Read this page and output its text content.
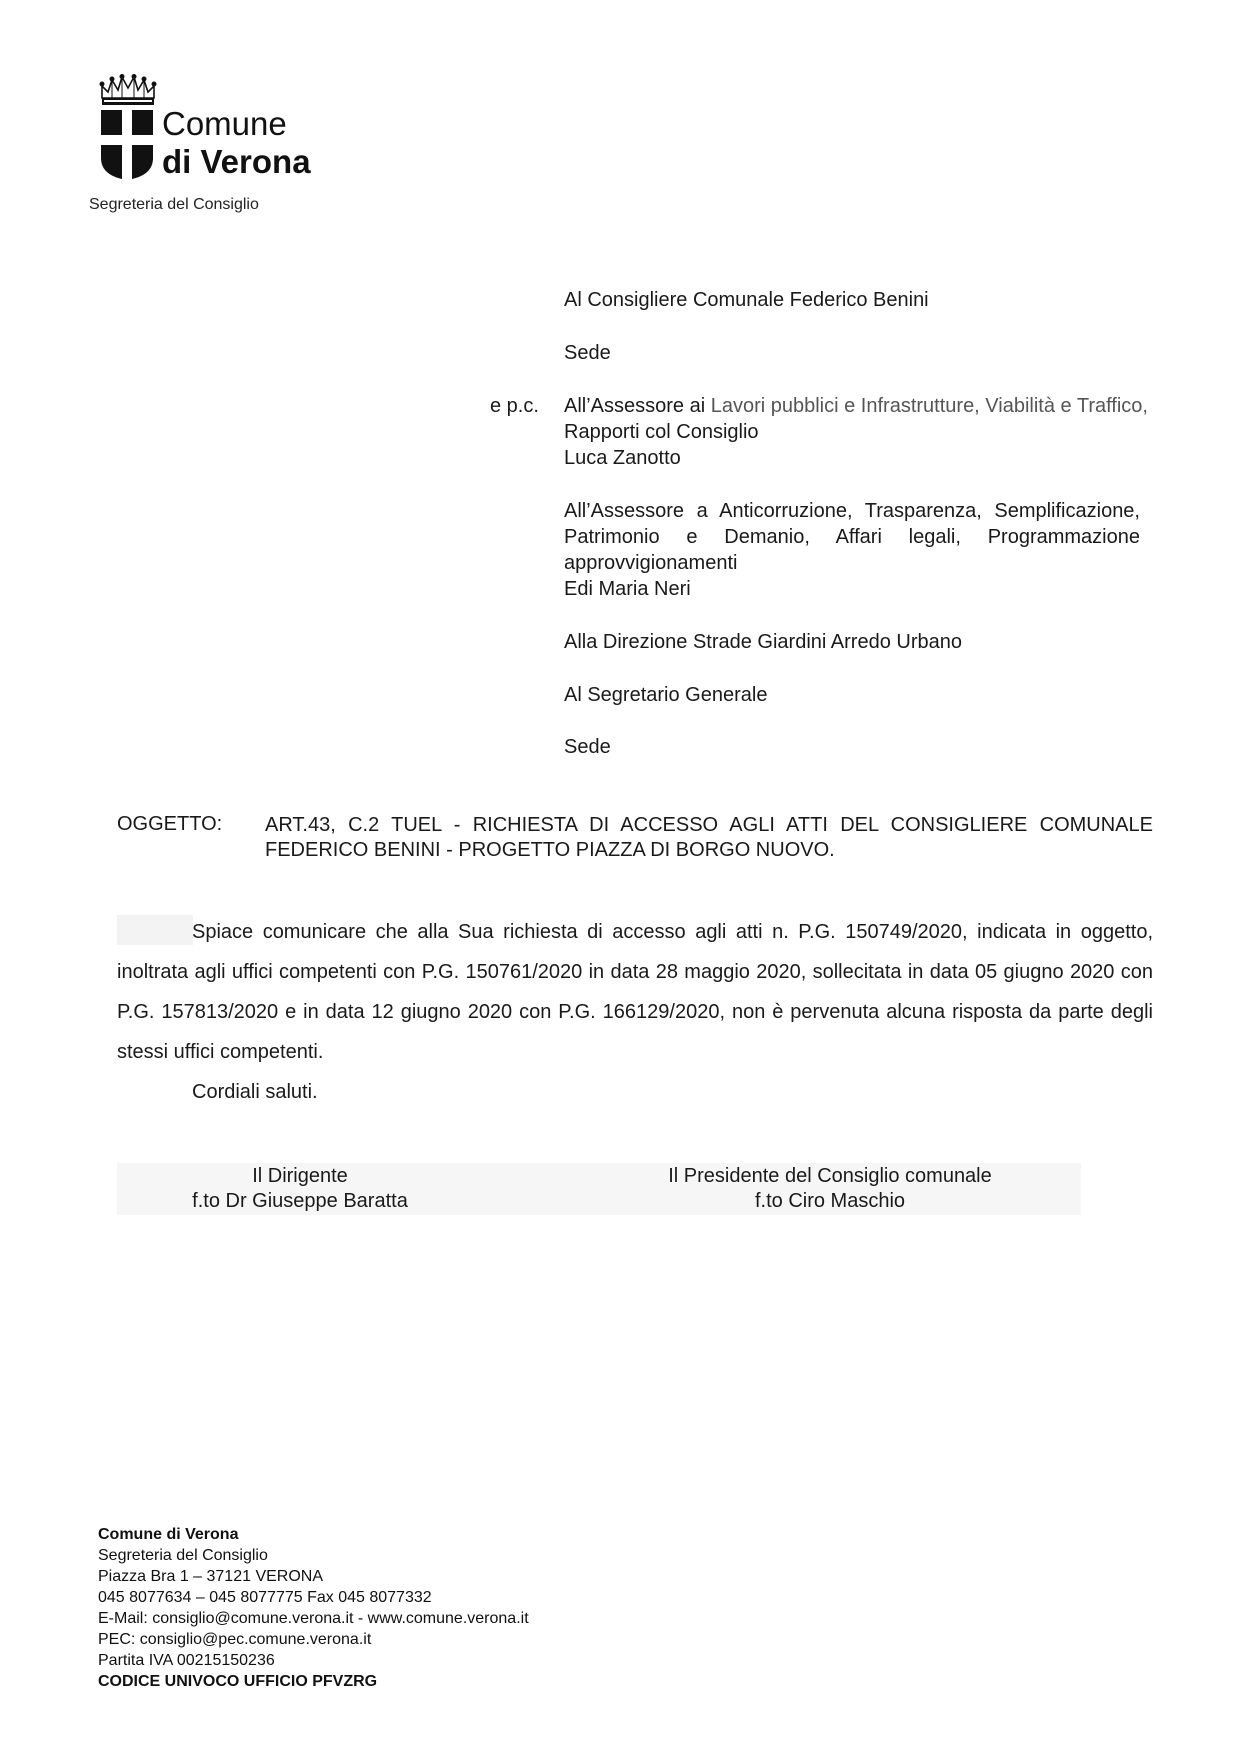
Comune
di Verona
Segreteria del Consiglio
Al Consigliere Comunale Federico Benini
Sede
e p.c. All’Assessore ai Lavori pubblici e Infrastrutture, Viabilità e Traffico, Rapporti col Consiglio
Luca Zanotto
All’Assessore a Anticorruzione, Trasparenza, Semplificazione, Patrimonio e Demanio, Affari legali, Programmazione approvvigionamenti
Edi Maria Neri
Alla Direzione Strade Giardini Arredo Urbano
Al Segretario Generale
Sede
OGGETTO: ART.43, C.2 TUEL - RICHIESTA DI ACCESSO AGLI ATTI DEL CONSIGLIERE COMUNALE FEDERICO BENINI - PROGETTO PIAZZA DI BORGO NUOVO.

Spiace comunicare che alla Sua richiesta di accesso agli atti n. P.G. 150749/2020, indicata in oggetto, inoltrata agli uffici competenti con P.G. 150761/2020 in data 28 maggio 2020, sollecitata in data 05 giugno 2020 con P.G. 157813/2020 e in data 12 giugno 2020 con P.G. 166129/2020, non è pervenuta alcuna risposta da parte degli stessi uffici competenti.

Cordiali saluti.

Il Dirigente
f.to Dr Giuseppe Baratta
Il Presidente del Consiglio comunale
f.to Ciro Maschio
Comune di Verona
Segreteria del Consiglio
Piazza Bra 1 – 37121 VERONA
045 8077634 – 045 8077775 Fax 045 8077332
E-Mail: consiglio@comune.verona.it - www.comune.verona.it
PEC: consiglio@pec.comune.verona.it
Partita IVA 00215150236
CODICE UNIVOCO UFFICIO PFVZRG
